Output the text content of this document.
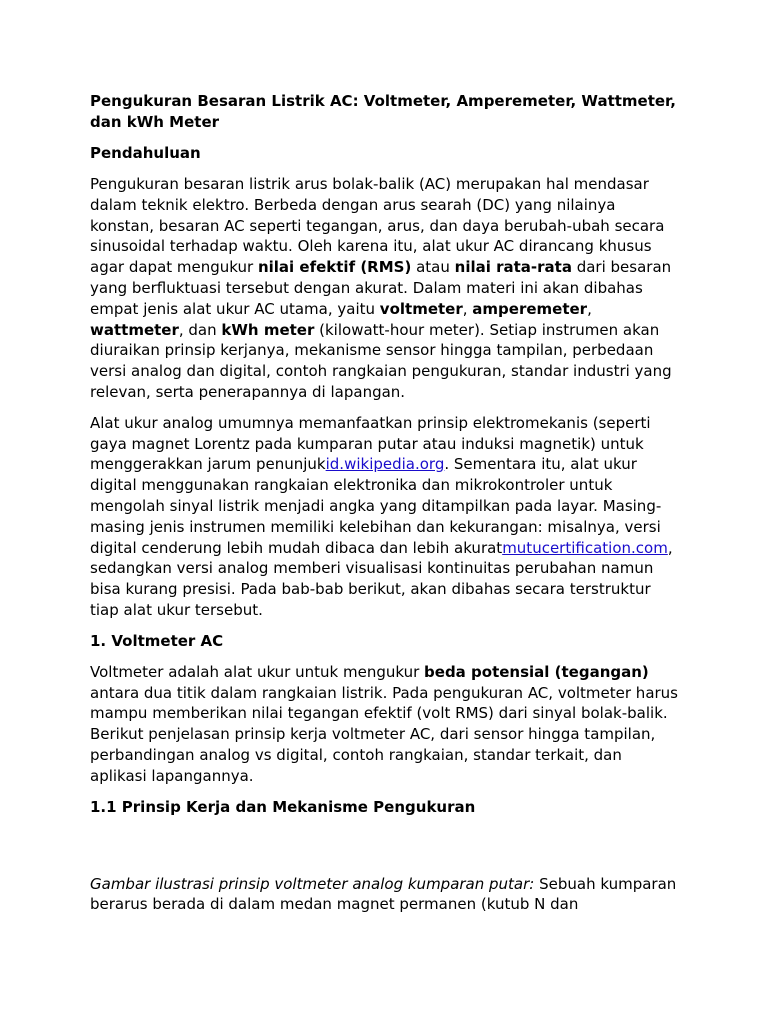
Pengukuran Besaran Listrik AC: Voltmeter, Amperemeter, Wattmeter, dan kWh Meter
Pendahuluan

Pengukuran besaran listrik arus bolak-balik (AC) merupakan hal mendasar dalam teknik elektro. Berbeda dengan arus searah (DC) yang nilainya konstan, besaran AC seperti tegangan, arus, dan daya berubah-ubah secara sinusoidal terhadap waktu. Oleh karena itu, alat ukur AC dirancang khusus agar dapat mengukur nilai efektif (RMS) atau nilai rata-rata dari besaran yang berfluktuasi tersebut dengan akurat. Dalam materi ini akan dibahas empat jenis alat ukur AC utama, yaitu voltmeter, amperemeter, wattmeter, dan kWh meter (kilowatt-hour meter). Setiap instrumen akan diuraikan prinsip kerjanya, mekanisme sensor hingga tampilan, perbedaan versi analog dan digital, contoh rangkaian pengukuran, standar industri yang relevan, serta penerapannya di lapangan.

Alat ukur analog umumnya memanfaatkan prinsip elektromekanis (seperti gaya magnet Lorentz pada kumparan putar atau induksi magnetik) untuk menggerakkan jarum penunjukid.wikipedia.org. Sementara itu, alat ukur digital menggunakan rangkaian elektronika dan mikrokontroler untuk mengolah sinyal listrik menjadi angka yang ditampilkan pada layar. Masing-masing jenis instrumen memiliki kelebihan dan kekurangan: misalnya, versi digital cenderung lebih mudah dibaca dan lebih akuratmutucertification.com, sedangkan versi analog memberi visualisasi kontinuitas perubahan namun bisa kurang presisi. Pada bab-bab berikut, akan dibahas secara terstruktur tiap alat ukur tersebut.

1. Voltmeter AC

Voltmeter adalah alat ukur untuk mengukur beda potensial (tegangan) antara dua titik dalam rangkaian listrik. Pada pengukuran AC, voltmeter harus mampu memberikan nilai tegangan efektif (volt RMS) dari sinyal bolak-balik. Berikut penjelasan prinsip kerja voltmeter AC, dari sensor hingga tampilan, perbandingan analog vs digital, contoh rangkaian, standar terkait, dan aplikasi lapangannya.

1.1 Prinsip Kerja dan Mekanisme Pengukuran

Gambar ilustrasi prinsip voltmeter analog kumparan putar: Sebuah kumparan berarus berada di dalam medan magnet permanen (kutub N dan
